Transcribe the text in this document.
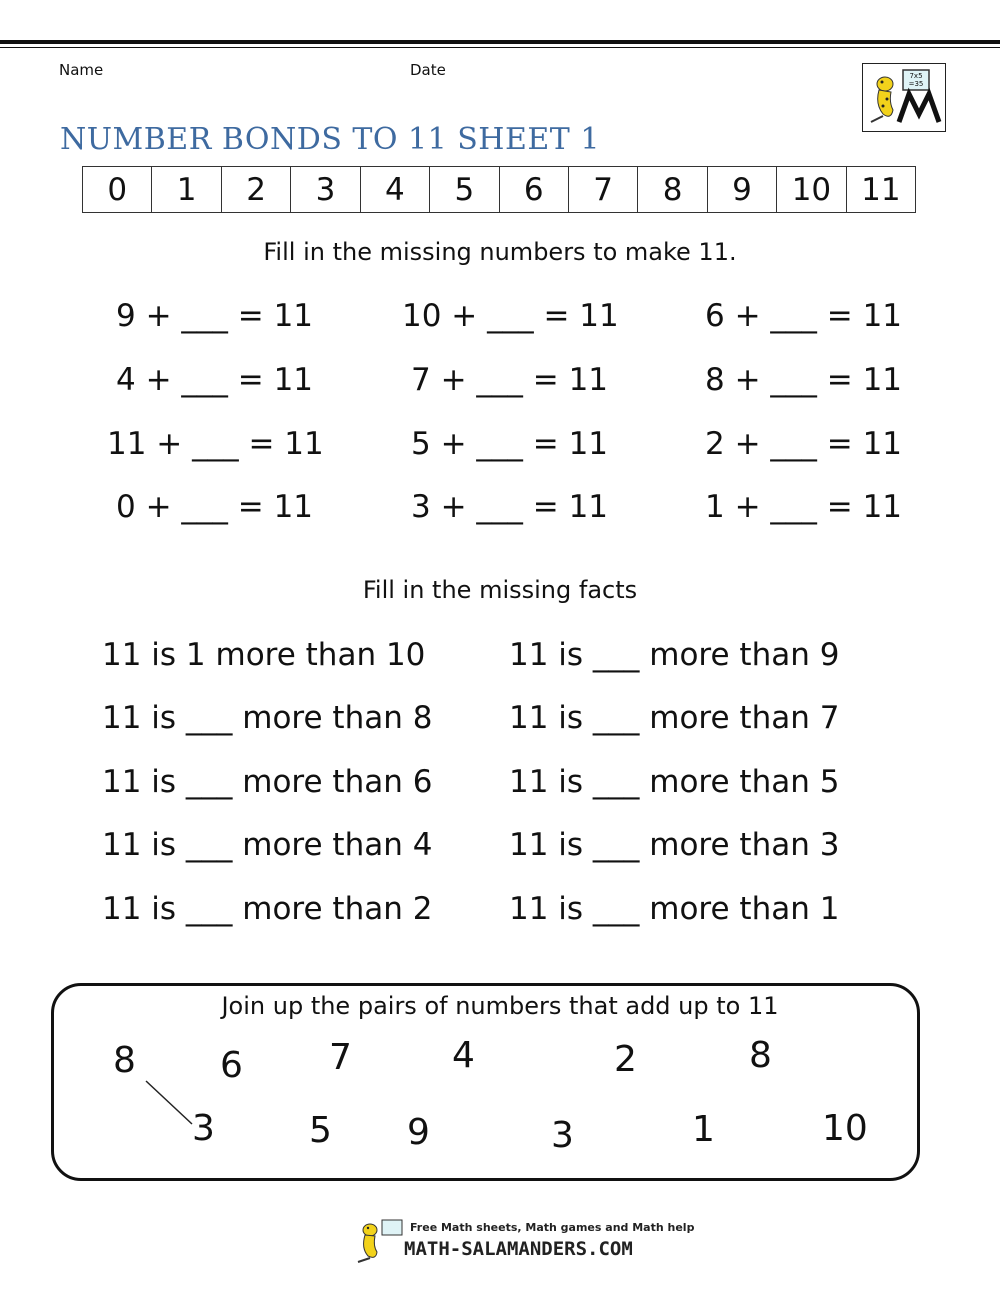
Name	Date	7x5
=35
NUMBER BONDS TO 11 SHEET 1
0	1	2	3	4	5	6	7	8	9	10 11
Fill in the missing numbers to make 11.
9 + ___ = 11	10 + ___ = 11	6 + ___ = 11
4 + ___ = 11	7 + ___ = 11	8 + ___ = 11
11 + ___ = 11	5 + ___ = 11	2 + ___ = 11
0 + ___ = 11	3 + ___ = 11	1 + ___ = 11
Fill in the missing facts
11 is 1 more than 10	11 is ___ more than 9
11 is ___ more than 8 11 is ___ more than 7
11 is ___ more than 6 11 is ___ more than 5
11 is ___ more than 4 11 is ___ more than 3
11 is ___ more than 2 11 is ___ more than 1
Join up the pairs of numbers that add up to 11
8 6 7	4	2	8
3	5 9	3	1	10
Free Math sheets, Math games and Math help
MATH-SALAMANDERS.COM
